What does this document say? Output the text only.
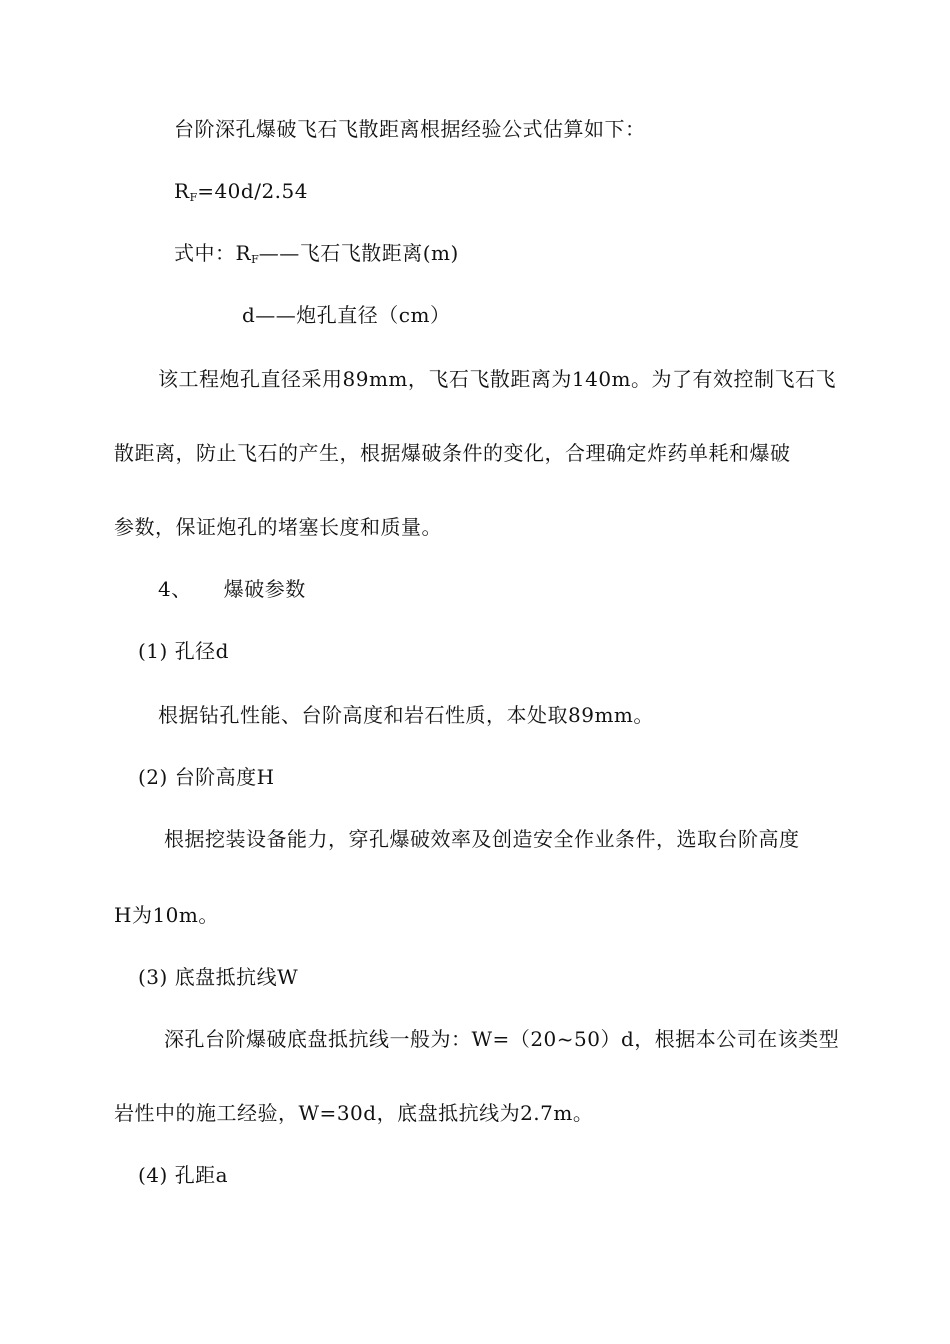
台阶深孔爆破飞石飞散距离根据经验公式估算如下：
$R_F=40d/2.54$
式中：$R_F——$飞石飞散距离(m)
d——炮孔直径（cm）
该工程炮孔直径采用89mm，飞石飞散距离为140m。为了有效控制飞石飞
散距离，防止飞石的产生，根据爆破条件的变化，合理确定炸药单耗和爆破
参数，保证炮孔的堵塞长度和质量。
4、 爆破参数
(1) 孔径d
根据钻孔性能、台阶高度和岩石性质，本处取89mm。
(2) 台阶高度H
根据挖装设备能力，穿孔爆破效率及创造安全作业条件，选取台阶高度
H为10m。
(3) 底盘抵抗线W
深孔台阶爆破底盘抵抗线一般为：W=（20~50）d，根据本公司在该类型
岩性中的施工经验，W=30d，底盘抵抗线为2.7m。
(4) 孔距a
